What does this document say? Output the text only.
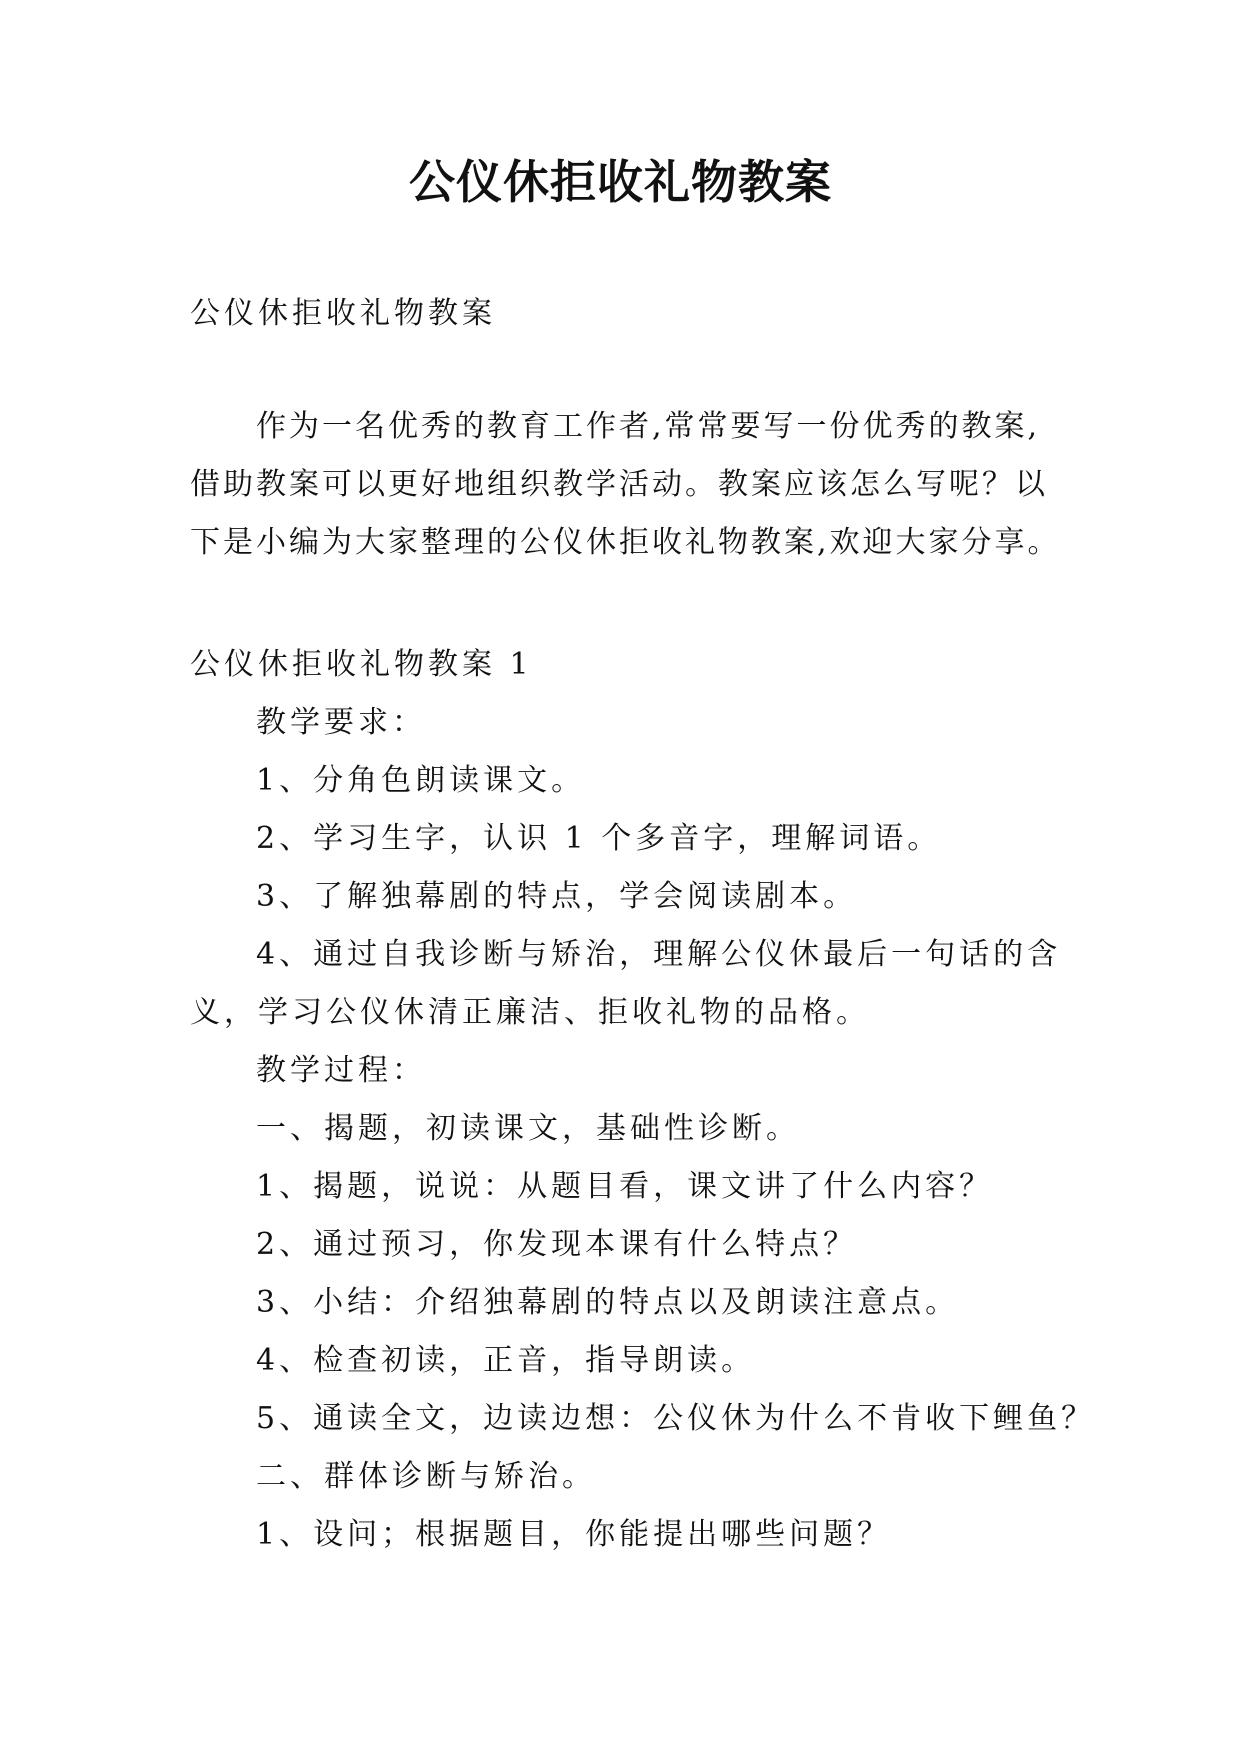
公仪休拒收礼物教案
公仪休拒收礼物教案
作为一名优秀的教育工作者,常常要写一份优秀的教案,
借助教案可以更好地组织教学活动。教案应该怎么写呢？以
下是小编为大家整理的公仪休拒收礼物教案,欢迎大家分享。
公仪休拒收礼物教案 1
教学要求：
1、分角色朗读课文。
2、学习生字，认识 1 个多音字，理解词语。
3、了解独幕剧的特点，学会阅读剧本。
4、通过自我诊断与矫治，理解公仪休最后一句话的含
义，学习公仪休清正廉洁、拒收礼物的品格。
教学过程：
一、揭题，初读课文，基础性诊断。
1、揭题，说说：从题目看，课文讲了什么内容？
2、通过预习，你发现本课有什么特点？
3、小结：介绍独幕剧的特点以及朗读注意点。
4、检查初读，正音，指导朗读。
5、通读全文，边读边想：公仪休为什么不肯收下鲤鱼？
二、群体诊断与矫治。
1、设问；根据题目，你能提出哪些问题？
